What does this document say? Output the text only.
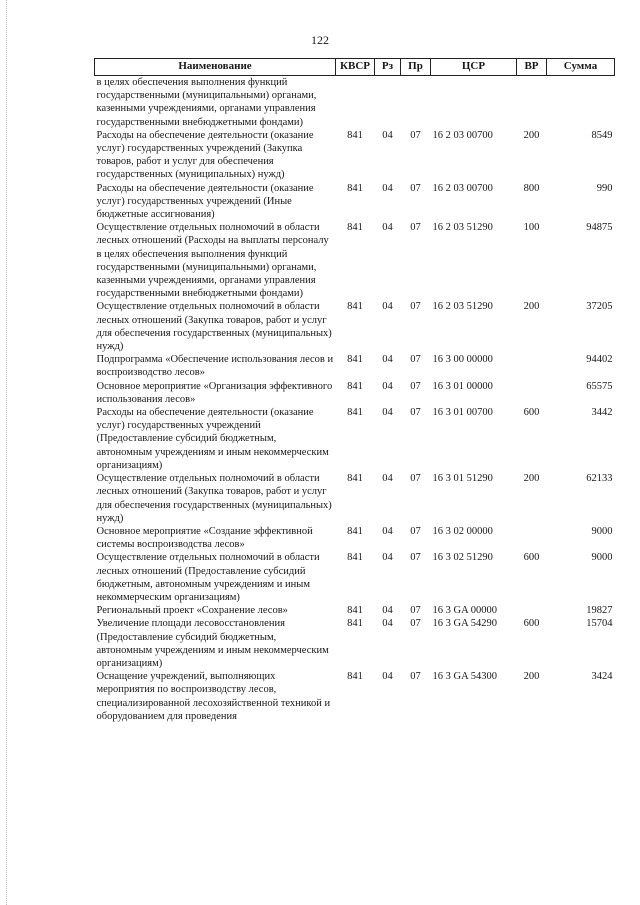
122
Наименование	КВСР	Рз	Пр	ЦСР	ВР	Сумма
в целях обеспечения выполнения функций государственными (муниципальными) органами, казенными учреждениями, органами управления государственными внебюджетными фондами)						
Расходы на обеспечение деятельности (оказание услуг) государственных учреждений (Закупка товаров, работ и услуг для обеспечения государственных (муниципальных) нужд)	841	04	07	16 2 03 00700	200	8549
Расходы на обеспечение деятельности (оказание услуг) государственных учреждений (Иные бюджетные ассигнования)	841	04	07	16 2 03 00700	800	990
Осуществление отдельных полномочий в области лесных отношений (Расходы на выплаты персоналу в целях обеспечения выполнения функций государственными (муниципальными) органами, казенными учреждениями, органами управления государственными внебюджетными фондами)	841	04	07	16 2 03 51290	100	94875
Осуществление отдельных полномочий в области лесных отношений (Закупка товаров, работ и услуг для обеспечения государственных (муниципальных) нужд)	841	04	07	16 2 03 51290	200	37205
Подпрограмма «Обеспечение использования лесов и воспроизводство лесов»	841	04	07	16 3 00 00000		94402
Основное мероприятие «Организация эффективного использования лесов»	841	04	07	16 3 01 00000		65575
Расходы на обеспечение деятельности (оказание услуг) государственных учреждений (Предоставление субсидий бюджетным, автономным учреждениям и иным некоммерческим организациям)	841	04	07	16 3 01 00700	600	3442
Осуществление отдельных полномочий в области лесных отношений (Закупка товаров, работ и услуг для обеспечения государственных (муниципальных) нужд)	841	04	07	16 3 01 51290	200	62133
Основное мероприятие «Создание эффективной системы воспроизводства лесов»	841	04	07	16 3 02 00000		9000
Осуществление отдельных полномочий в области лесных отношений (Предоставление субсидий бюджетным, автономным учреждениям и иным некоммерческим организациям)	841	04	07	16 3 02 51290	600	9000
Региональный проект «Сохранение лесов»	841	04	07	16 3 GA 00000		19827
Увеличение площади лесовосстановления (Предоставление субсидий бюджетным, автономным учреждениям и иным некоммерческим организациям)	841	04	07	16 3 GA 54290	600	15704
Оснащение учреждений, выполняющих мероприятия по воспроизводству лесов, специализированной лесохозяйственной техникой и оборудованием для проведения	841	04	07	16 3 GA 54300	200	3424
